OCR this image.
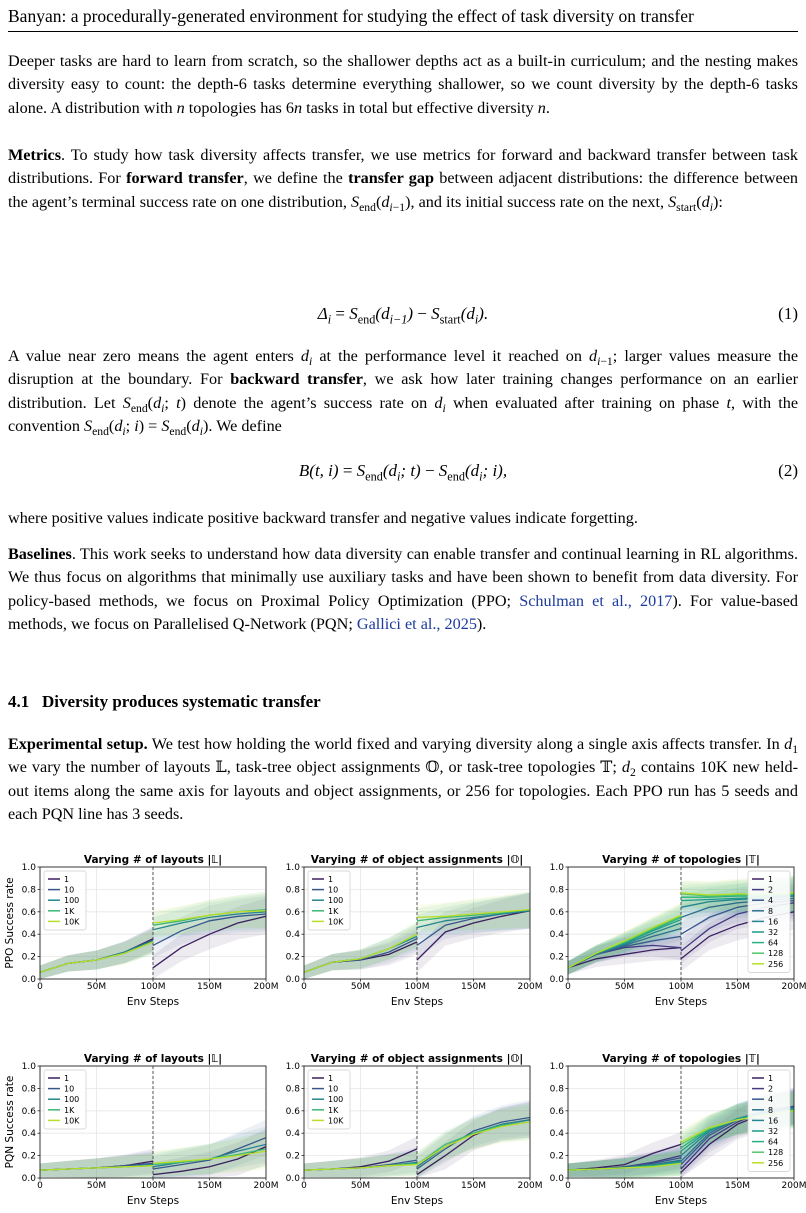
Banyan: a procedurally-generated environment for studying the effect of task diversity on transfer

Deeper tasks are hard to learn from scratch, so the shallower depths act as a built-in curriculum; and the nesting makes diversity easy to count: the depth-6 tasks determine everything shallower, so we count diversity by the depth-6 tasks alone. A distribution with n topologies has 6n tasks in total but effective diversity n.

Metrics. To study how task diversity affects transfer, we use metrics for forward and backward transfer between task distributions. For forward transfer, we define the transfer gap between adjacent distributions: the difference between the agent’s terminal success rate on one distribution, $S_{end}(d_{i-1})$, and its initial success rate on the next, $S_{start}(d_i)$:

$\Delta_i = S_{end}(d_{i-1}) - S_{start}(d_i)$.	(1)

A value near zero means the agent enters $d_i$ at the performance level it reached on $d_{i-1}$; larger values measure the disruption at the boundary. For backward transfer, we ask how later training changes performance on an earlier distribution. Let $S_{end}(d_i$; t) denote the agent’s success rate on $d_i$ when evaluated after training on phase t, with the convention $S_{end}(d_i$; $i) = S_{end}(d_i)$. We define

B(t, $i) = S_{end}(d_i$; $t) - S_{end}(d_i$; i),	(2)

where positive values indicate positive backward transfer and negative values indicate forgetting.

Baselines. This work seeks to understand how data diversity can enable transfer and continual learning in RL algorithms. We thus focus on algorithms that minimally use auxiliary tasks and have been shown to benefit from data diversity. For policy-based methods, we focus on Proximal Policy Optimization (PPO; Schulman et al., 2017). For value-based methods, we focus on Parallelised Q-Network (PQN; Gallici et al., 2025).

4.1 Diversity produces systematic transfer

Experimental setup. We test how holding the world fixed and varying diversity along a single axis affects transfer. In $d_1$ we vary the number of layouts 𝕃, task-tree object assignments 𝕆, or task-tree topologies 𝕋; $d_2$ contains 10K new held-out items along the same axis for layouts and object assignments, or 256 for topologies. Each PPO run has 5 seeds and each PQN line has 3 seeds.

0	50M	100M	150M	200M
0.0
0.2
0.4
0.6
0.8
1.0
Varying # of layouts |𝕃|
Env Steps
PPO Success rate	1
10
100
1K
10K
0	50M	100M	150M	200M
0.0
0.2
0.4
0.6
0.8
1.0
Varying # of object assignments |𝕆|
Env Steps
1
10
100
1K
10K
0	50M	100M	150M	200M
0.0
0.2
0.4
0.6
0.8
1.0
Varying # of topologies |𝕋|
Env Steps
1
2
4
8
16
32
64
128
256
0	50M	100M	150M	200M
0.0
0.2
0.4
0.6
0.8
1.0
Varying # of layouts |𝕃|
Env Steps
PQN Success rate	1
10
100
1K
10K
0	50M	100M	150M	200M
0.0
0.2
0.4
0.6
0.8
1.0
Varying # of object assignments |𝕆|
Env Steps
1
10
100
1K
10K
0	50M	100M	150M	200M
0.0
0.2
0.4
0.6
0.8
1.0
Varying # of topologies |𝕋|
Env Steps
1
2
4
8
16
32
64
128
256
